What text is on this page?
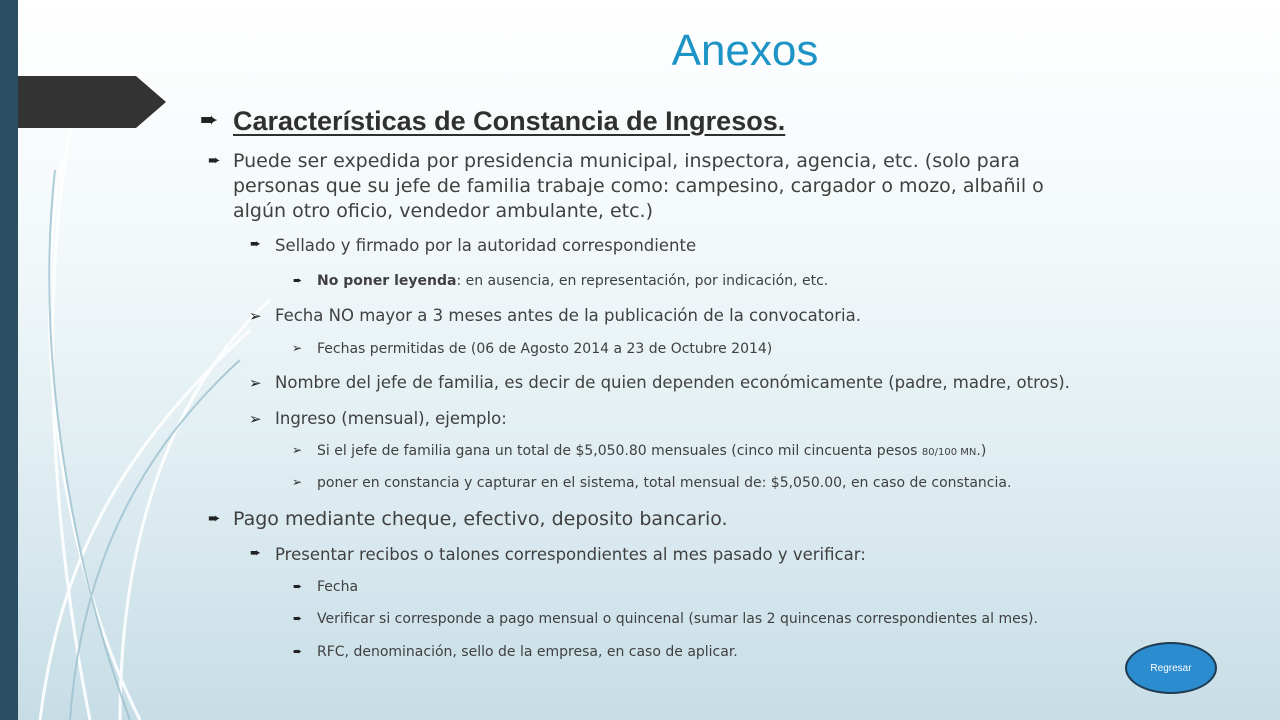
Anexos
➨ Características de Constancia de Ingresos.
➨ Puede ser expedida por presidencia municipal, inspectora, agencia, etc. (solo para
personas que su jefe de familia trabaje como: campesino, cargador o mozo, albañil o
algún otro oficio, vendedor ambulante, etc.)
➨ Sellado y firmado por la autoridad correspondiente
➨ No poner leyenda: en ausencia, en representación, por indicación, etc.
➢ Fecha NO mayor a 3 meses antes de la publicación de la convocatoria.
➢ Fechas permitidas de (06 de Agosto 2014 a 23 de Octubre 2014)
➢ Nombre del jefe de familia, es decir de quien dependen económicamente (padre, madre, otros).
➢ Ingreso (mensual), ejemplo:
➢ Si el jefe de familia gana un total de $5,050.80 mensuales (cinco mil cincuenta pesos 80/100 MN.)
➢ poner en constancia y capturar en el sistema, total mensual de: $5,050.00, en caso de constancia.
➨ Pago mediante cheque, efectivo, deposito bancario.
➨ Presentar recibos o talones correspondientes al mes pasado y verificar:
➨ Fecha
➨ Verificar si corresponde a pago mensual o quincenal (sumar las 2 quincenas correspondientes al mes).
➨ RFC, denominación, sello de la empresa, en caso de aplicar.
Regresar
